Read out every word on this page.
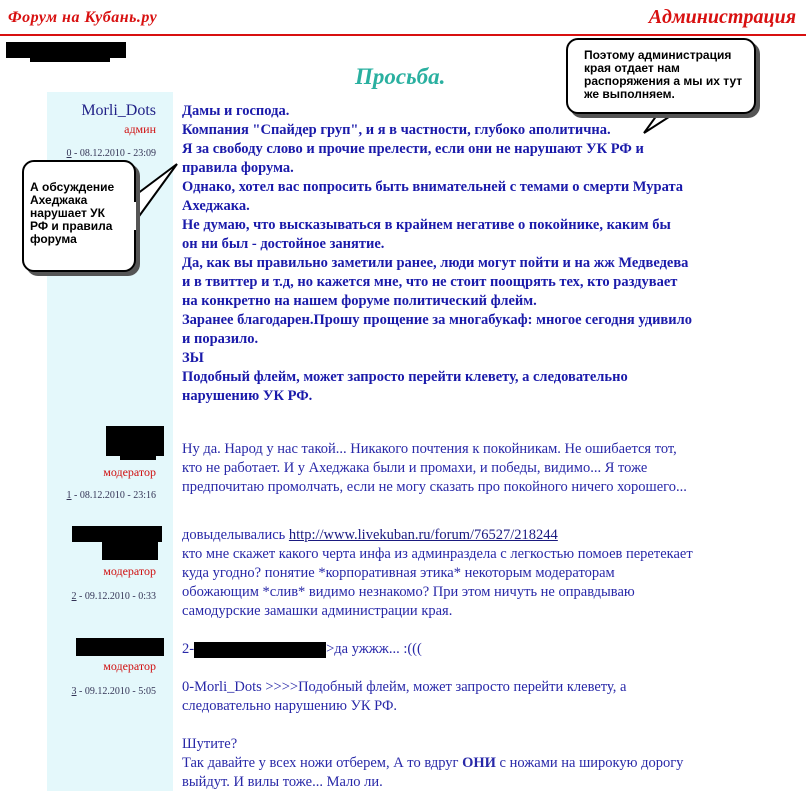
Форум на Кубань.ру	Администрация
Просьба.
Morli_Dots
админ
0 - 08.12.2010 - 23:09
Дамы и господа.
Компания "Спайдер груп", и я в частности, глубоко аполитична.
Я за свободу слово и прочие прелести, если они не нарушают УК РФ и
правила форума.
Однако, хотел вас попросить быть внимательней с темами о смерти Мурата
Ахеджака.
Не думаю, что высказываться в крайнем негативе о покойнике, каким бы
он ни был - достойное занятие.
Да, как вы правильно заметили ранее, люди могут пойти и на жж Медведева
и в твиттер и т.д, но кажется мне, что не стоит поощрять тех, кто раздувает
на конкретно на нашем форуме политический флейм.
Заранее благодарен.Прошу прощение за многабукаф: многое сегодня удивило
и поразило.
ЗЫ
Подобный флейм, может запросто перейти клевету, а следовательно
нарушению УК РФ.
модератор
1 - 08.12.2010 - 23:16
Ну да. Народ у нас такой... Никакого почтения к покойникам. Не ошибается тот,
кто не работает. И у Ахеджака были и промахи, и победы, видимо... Я тоже
предпочитаю промолчать, если не могу сказать про покойного ничего хорошего...
модератор
2 - 09.12.2010 - 0:33
довыделывались http://www.livekuban.ru/forum/76527/218244
кто мне скажет какого черта инфа из админраздела с легкостью помоев перетекает
куда угодно? понятие *корпоративная этика* некоторым модераторам
обожающим *слив* видимо незнакомо? При этом ничуть не оправдываю
самодурские замашки администрации края.
модератор
3 - 09.12.2010 - 5:05
2-	>да ужжж... :(((
0-Morli_Dots >>>>Подобный флейм, может запросто перейти клевету, а
следовательно нарушению УК РФ.
Шутите?
Так давайте у всех ножи отберем, А то вдруг ОНИ с ножами на широкую дорогу
выйдут. И вилы тоже... Мало ли.
Поэтому администрация края отдает нам распоряжения а мы их тут же выполняем.
А обсуждение Ахеджака нарушает УК РФ и правила форума
